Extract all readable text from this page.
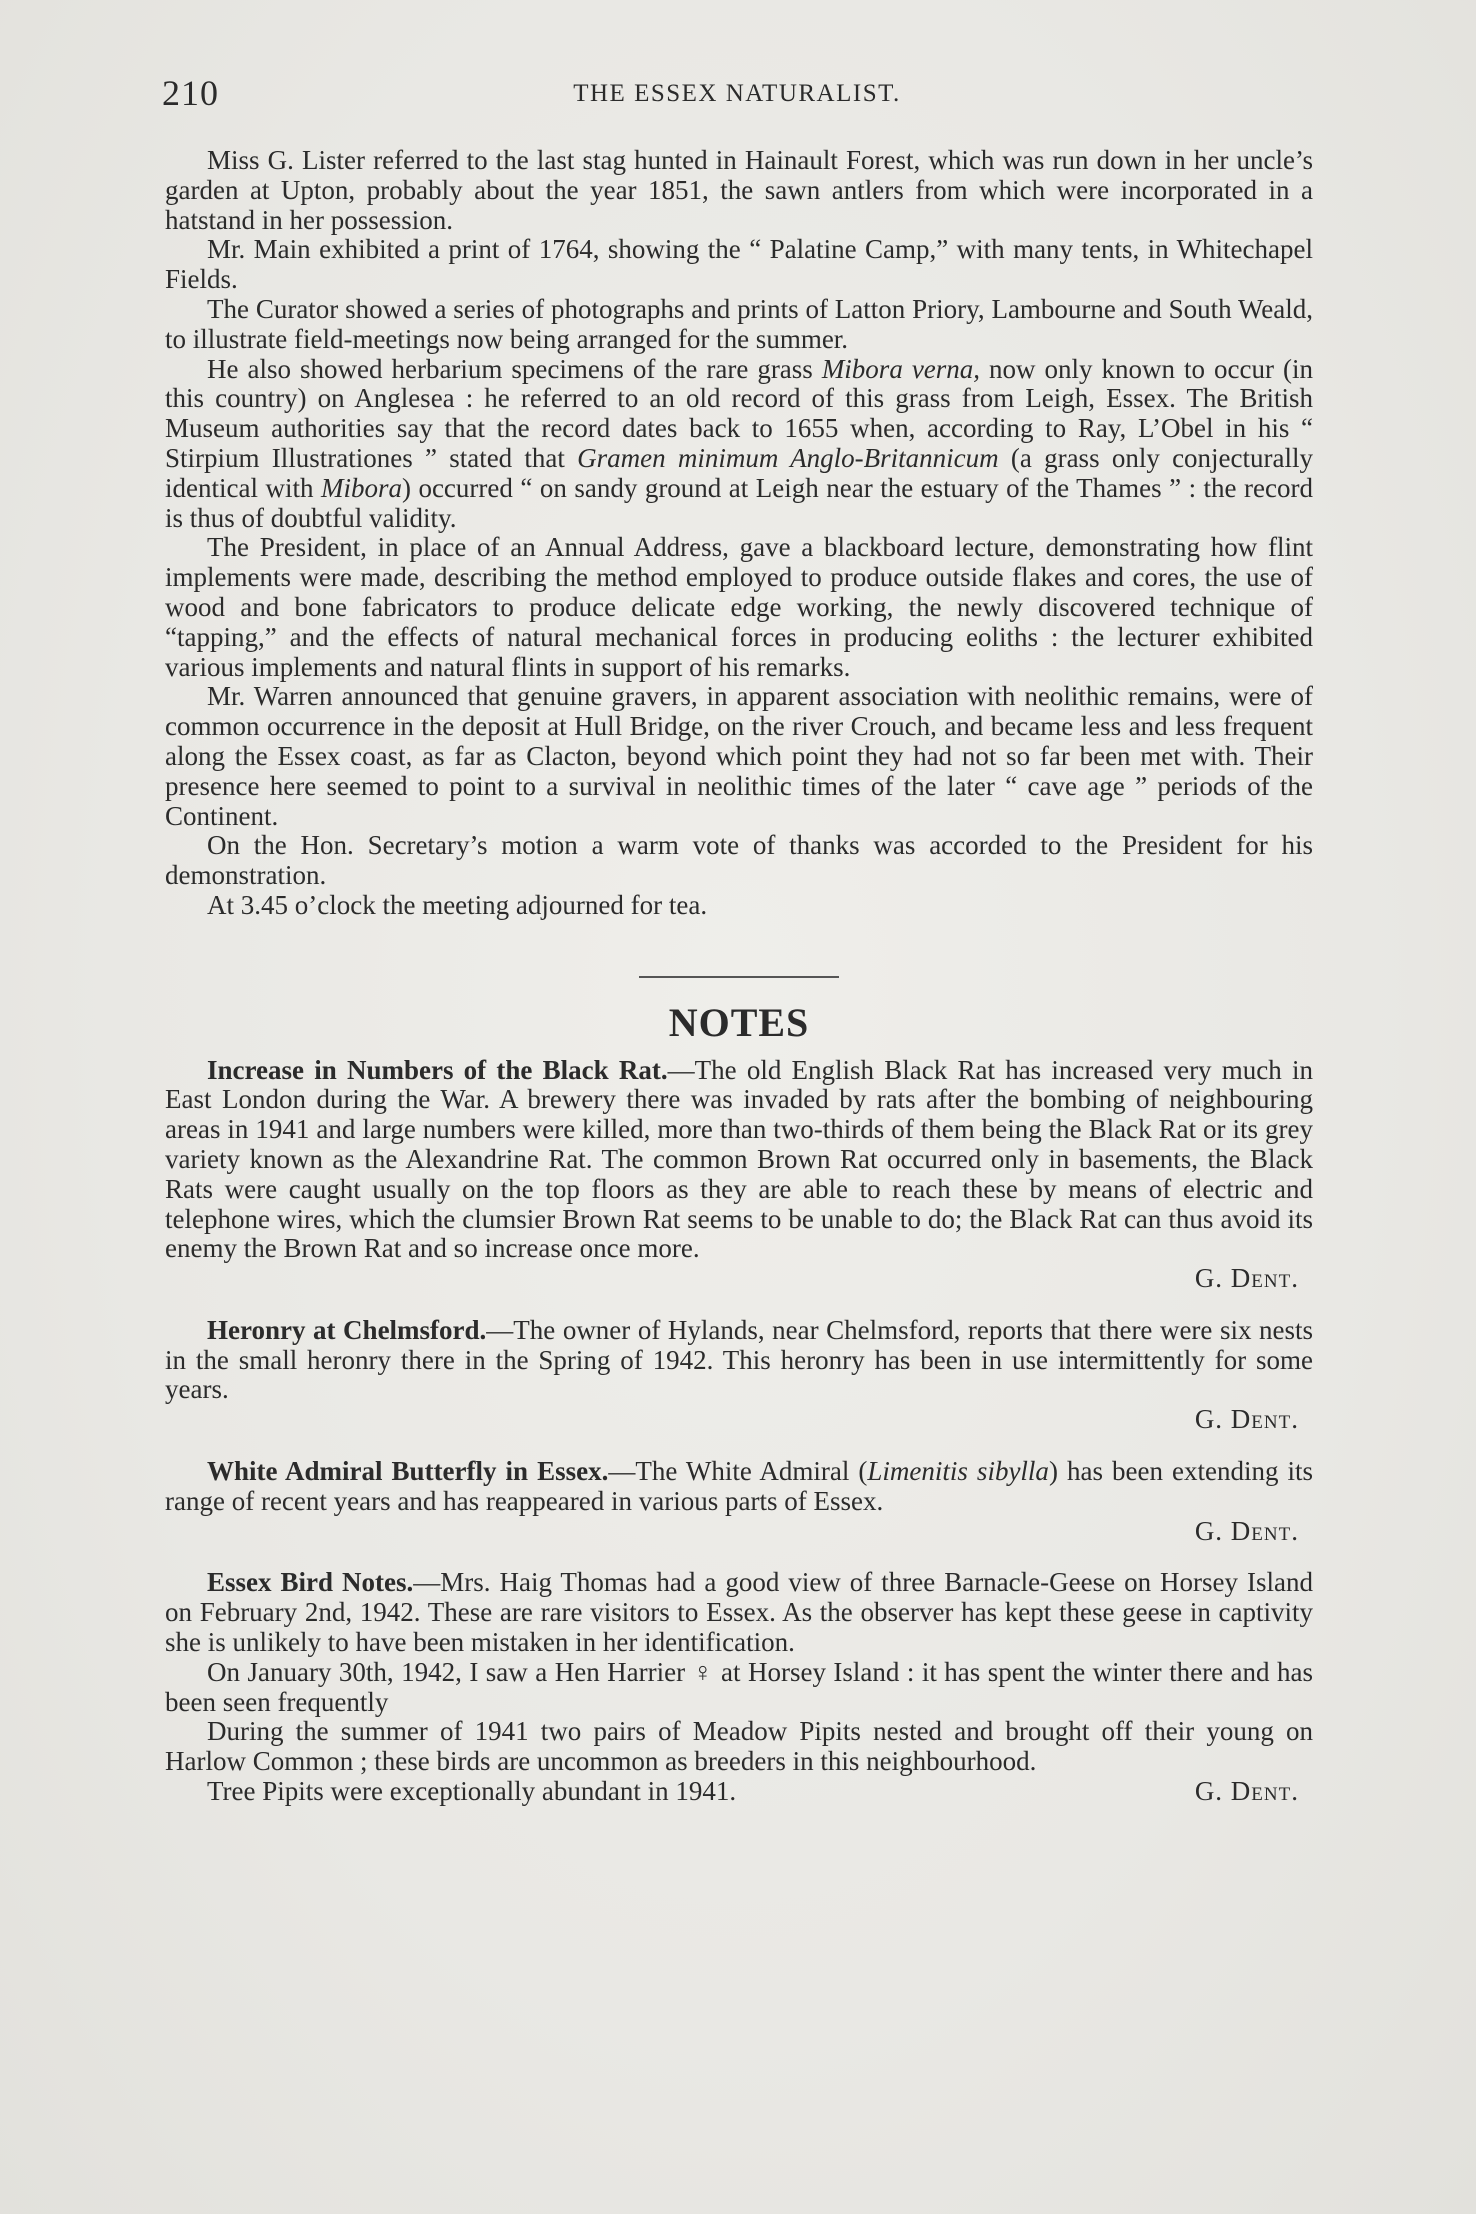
210	THE ESSEX NATURALIST.

Miss G. Lister referred to the last stag hunted in Hainault Forest, which was run down in her uncle’s garden at Upton, probably about the year 1851, the sawn antlers from which were incorporated in a hatstand in her possession.

Mr. Main exhibited a print of 1764, showing the “ Palatine Camp,” with many tents, in Whitechapel Fields.

The Curator showed a series of photographs and prints of Latton Priory, Lambourne and South Weald, to illustrate field-meetings now being arranged for the summer.

He also showed herbarium specimens of the rare grass Mibora verna, now only known to occur (in this country) on Anglesea : he referred to an old record of this grass from Leigh, Essex. The British Museum authorities say that the record dates back to 1655 when, according to Ray, L’Obel in his “ Stirpium Illustrationes ” stated that Gramen minimum Anglo-Britannicum (a grass only conjecturally identical with Mibora) occurred “ on sandy ground at Leigh near the estuary of the Thames ” : the record is thus of doubtful validity.

The President, in place of an Annual Address, gave a blackboard lecture, demonstrating how flint implements were made, describing the method employed to produce outside flakes and cores, the use of wood and bone fabricators to produce delicate edge working, the newly discovered technique of “tapping,” and the effects of natural mechanical forces in producing eoliths : the lecturer exhibited various implements and natural flints in support of his remarks.

Mr. Warren announced that genuine gravers, in apparent association with neolithic remains, were of common occurrence in the deposit at Hull Bridge, on the river Crouch, and became less and less frequent along the Essex coast, as far as Clacton, beyond which point they had not so far been met with. Their presence here seemed to point to a survival in neolithic times of the later “ cave age ” periods of the Continent.

On the Hon. Secretary’s motion a warm vote of thanks was accorded to the President for his demonstration.

At 3.45 o’clock the meeting adjourned for tea.

NOTES

Increase in Numbers of the Black Rat.—The old English Black Rat has increased very much in East London during the War. A brewery there was invaded by rats after the bombing of neighbouring areas in 1941 and large numbers were killed, more than two-thirds of them being the Black Rat or its grey variety known as the Alexandrine Rat. The common Brown Rat occurred only in basements, the Black Rats were caught usually on the top floors as they are able to reach these by means of electric and telephone wires, which the clumsier Brown Rat seems to be unable to do; the Black Rat can thus avoid its enemy the Brown Rat and so increase once more.

G. Dent.

Heronry at Chelmsford.—The owner of Hylands, near Chelmsford, reports that there were six nests in the small heronry there in the Spring of 1942. This heronry has been in use intermittently for some years.

G. Dent.

White Admiral Butterfly in Essex.—The White Admiral (Limenitis sibylla) has been extending its range of recent years and has reappeared in various parts of Essex.

G. Dent.

Essex Bird Notes.—Mrs. Haig Thomas had a good view of three Barnacle-Geese on Horsey Island on February 2nd, 1942. These are rare visitors to Essex. As the observer has kept these geese in captivity she is unlikely to have been mistaken in her identification.

On January 30th, 1942, I saw a Hen Harrier ♀ at Horsey Island : it has spent the winter there and has been seen frequently

During the summer of 1941 two pairs of Meadow Pipits nested and brought off their young on Harlow Common ; these birds are uncommon as breeders in this neighbourhood.

Tree Pipits were exceptionally abundant in 1941.	G. Dent.
